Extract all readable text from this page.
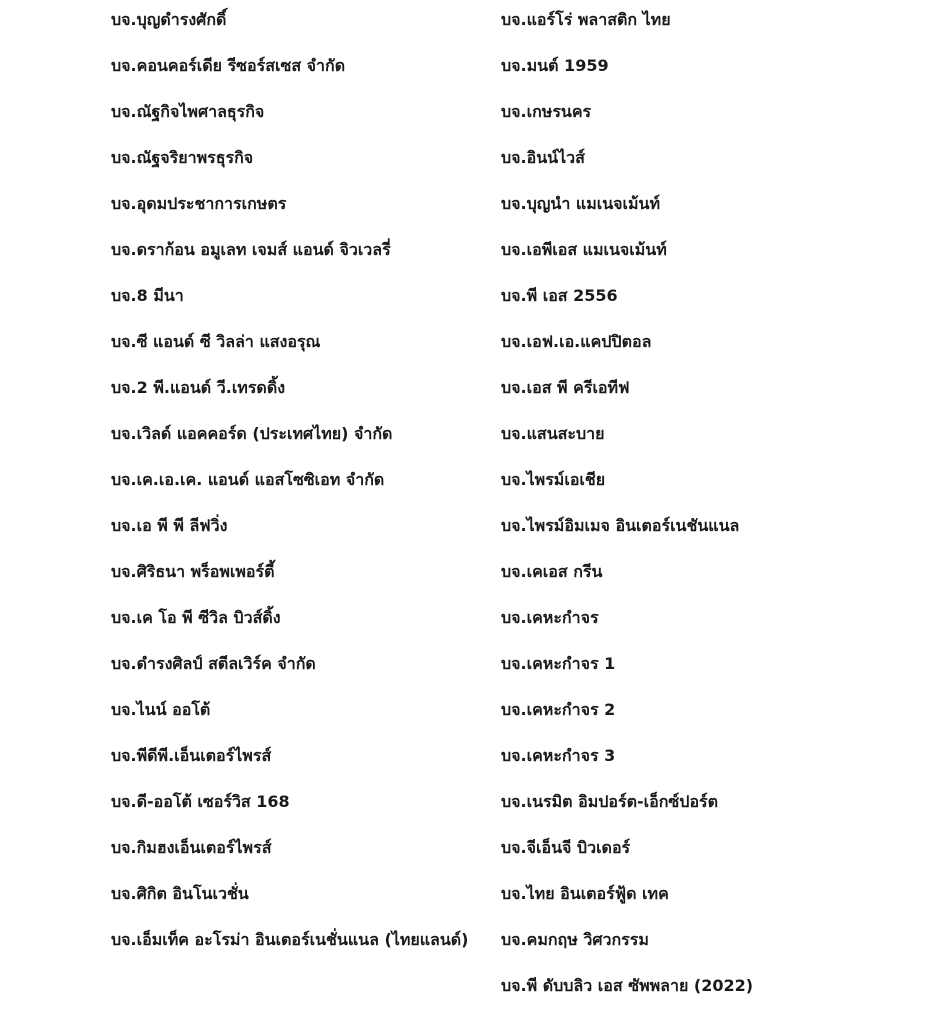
บจ.บุญดำรงศักดิ์
บจ.คอนคอร์เดีย รีซอร์สเซส จำกัด
บจ.ณัฐกิจไพศาลธุรกิจ
บจ.ณัฐจริยาพรธุรกิจ
บจ.อุดมประชาการเกษตร
บจ.ดราก้อน อมูเลท เจมส์ แอนด์ จิวเวลรี่
บจ.8 มีนา
บจ.ซี แอนด์ ซี วิลล่า แสงอรุณ
บจ.2 พี.แอนด์ วี.เทรดดิ้ง
บจ.เวิลด์ แอคคอร์ด (ประเทศไทย) จำกัด
บจ.เค.เอ.เค. แอนด์ แอสโซซิเอท จำกัด
บจ.เอ พี พี ลีฟวิ่ง
บจ.ศิริธนา พร็อพเพอร์ตี้
บจ.เค โอ พี ซีวิล บิวส์ดิ้ง
บจ.ดำรงศิลป์ สตีลเวิร์ค จำกัด
บจ.ไนน์ ออโต้
บจ.พีดีพี.เอ็นเตอร์ไพรส์
บจ.ดี-ออโต้ เซอร์วิส 168
บจ.กิมฮงเอ็นเตอร์ไพรส์
บจ.ศิกิต อินโนเวชั่น
บจ.เอ็มเท็ค อะโรม่า อินเตอร์เนชั่นแนล (ไทยแลนด์)
บจ.แอร์โร่ พลาสติก ไทย
บจ.มนต์ 1959
บจ.เกษรนคร
บจ.อินน์ไวส์
บจ.บุญนำ แมเนจเม้นท์
บจ.เอพีเอส แมเนจเม้นท์
บจ.พี เอส 2556
บจ.เอฟ.เอ.แคปปิตอล
บจ.เอส พี ครีเอทีฟ
บจ.แสนสะบาย
บจ.ไพรม์เอเชีย
บจ.ไพรม์อิมเมจ อินเตอร์เนชันแนล
บจ.เคเอส กรีน
บจ.เคหะกำจร
บจ.เคหะกำจร 1
บจ.เคหะกำจร 2
บจ.เคหะกำจร 3
บจ.เนรมิต อิมปอร์ต-เอ็กซ์ปอร์ต
บจ.จีเอ็นจี บิวเดอร์
บจ.ไทย อินเตอร์ฟู้ด เทค
บจ.คมกฤษ วิศวกรรม
บจ.พี ดับบลิว เอส ซัพพลาย (2022)
